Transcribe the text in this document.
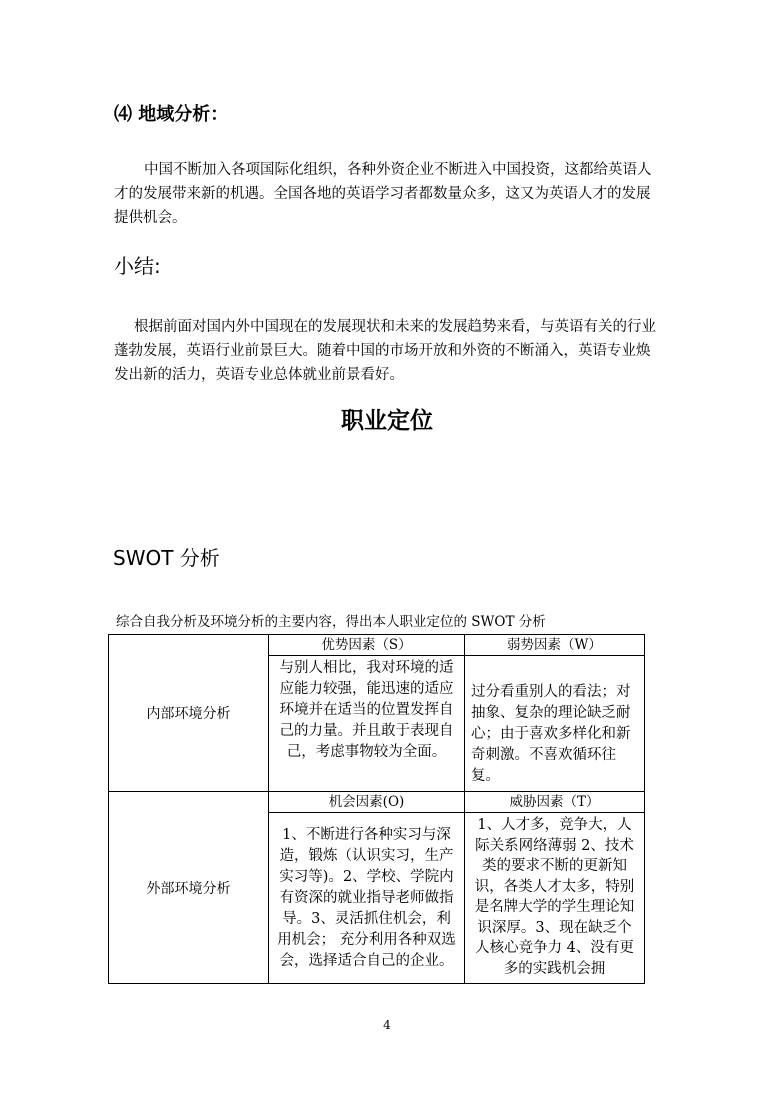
⑷ 地域分析：
中国不断加入各项国际化组织，各种外资企业不断进入中国投资，这都给英语人才的发展带来新的机遇。全国各地的英语学习者都数量众多，这又为英语人才的发展提供机会。
小结:
根据前面对国内外中国现在的发展现状和未来的发展趋势来看，与英语有关的行业蓬勃发展，英语行业前景巨大。随着中国的市场开放和外资的不断涌入，英语专业焕发出新的活力，英语专业总体就业前景看好。
职业定位
SWOT 分析
综合自我分析及环境分析的主要内容，得出本人职业定位的 SWOT 分析
内部环境分析	优势因素（S）	弱势因素（W）

	与别人相比，我对环境的适应能力较强，能迅速的适应环境并在适当的位置发挥自己的力量。并且敢于表现自己，考虑事物较为全面。	过分看重别人的看法；对抽象、复杂的理论缺乏耐心；由于喜欢多样化和新奇刺激。不喜欢循环往复。

外部环境分析	机会因素(O)	威胁因素（T）

	1、不断进行各种实习与深造，锻炼（认识实习，生产实习等)。2、学校、学院内有资深的就业指导老师做指导。3、灵活抓住机会，利用机会； 充分利用各种双选会，选择适合自己的企业。	1、人才多，竞争大，人际关系网络薄弱 2、技术类的要求不断的更新知识，各类人才太多，特别是名牌大学的学生理论知识深厚。3、现在缺乏个人核心竞争力 4、没有更多的实践机会拥
4
